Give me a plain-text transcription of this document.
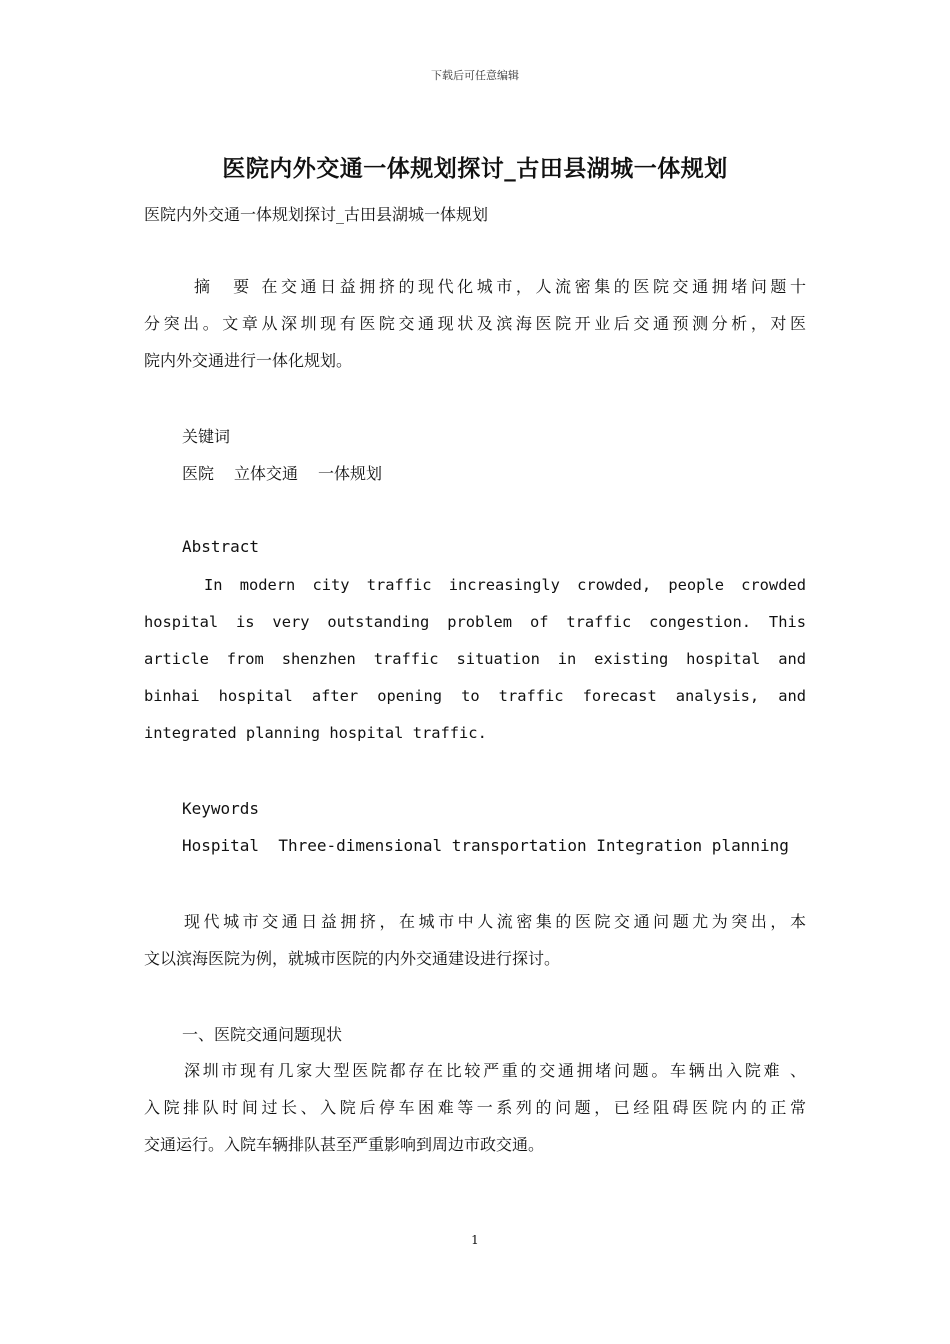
下载后可任意编辑
医院内外交通一体规划探讨_古田县湖城一体规划
医院内外交通一体规划探讨_古田县湖城一体规划
摘　要 在交通日益拥挤的现代化城市，人流密集的医院交通拥堵问题十
分突出。文章从深圳现有医院交通现状及滨海医院开业后交通预测分析，对医
院内外交通进行一体化规划。
关键词
医院 立体交通 一体规划
Abstract
In modern city traffic increasingly crowded, people crowded
hospital is very outstanding problem of traffic congestion. This
article from shenzhen traffic situation in existing hospital and
binhai hospital after opening to traffic forecast analysis, and
integrated planning hospital traffic.
Keywords
Hospital  Three-dimensional transportation Integration planning
现代城市交通日益拥挤，在城市中人流密集的医院交通问题尤为突出，本
文以滨海医院为例，就城市医院的内外交通建设进行探讨。
一、医院交通问题现状
深圳市现有几家大型医院都存在比较严重的交通拥堵问题。车辆出入院难 、
入院排队时间过长、入院后停车困难等一系列的问题，已经阻碍医院内的正常
交通运行。入院车辆排队甚至严重影响到周边市政交通。
1
